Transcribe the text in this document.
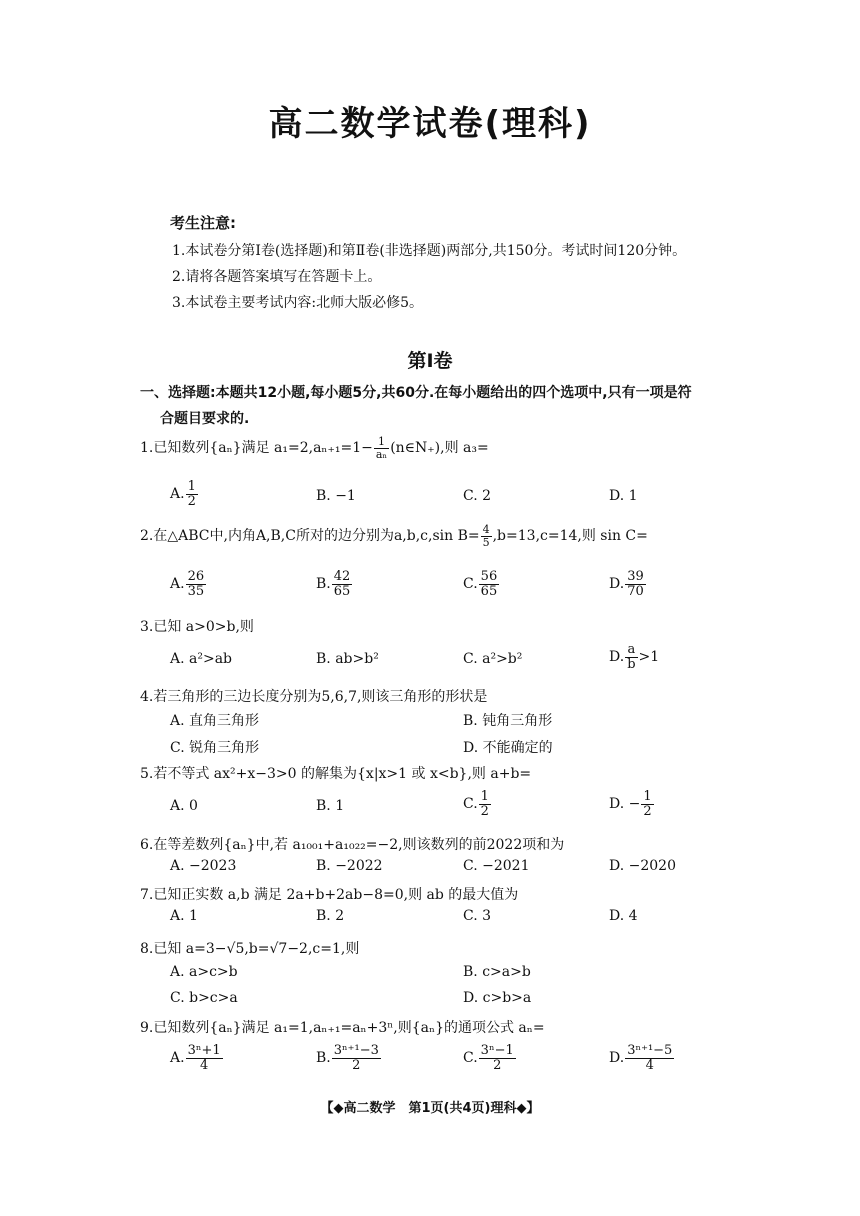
高二数学试卷(理科)
考生注意:
1.本试卷分第Ⅰ卷(选择题)和第Ⅱ卷(非选择题)两部分,共150分。考试时间120分钟。
2.请将各题答案填写在答题卡上。
3.本试卷主要考试内容:北师大版必修5。
第Ⅰ卷
一、选择题:本题共12小题,每小题5分,共60分.在每小题给出的四个选项中,只有一项是符
合题目要求的.
1.已知数列{aₙ}满足 $a_1=2,a_{n+1}=1- \frac{1}{\text{aₙ}}$ (n∈N₊),则 a₃=
A. $\frac{1}{2}$	B. −1	C. 2	D. 1
2.在△ABC中,内角A,B,C所对的边分别为a,b,c,sin $B= \frac{4}{5} ,b=13,c=14$,则 sin C=
A. $\frac{26}{35}$	B. $\frac{42}{65}$	C. $\frac{56}{65}$	D. $\frac{39}{70}$
3.已知 a>0>b,则
A. a²>ab	B. ab>b²	C. a²>b²	D. $\frac{a}{b} >1$
4.若三角形的三边长度分别为5,6,7,则该三角形的形状是
A. 直角三角形	B. 钝角三角形
C. 锐角三角形	D. 不能确定的
5.若不等式 ax²+x−3>0 的解集为{x|x>1 或 x<b},则 a+b=
A. 0	B. 1	C. $\frac{1}{2}$	D. − $\frac{1}{2}$
6.在等差数列{aₙ}中,若 a₁₀₀₁+a₁₀₂₂=−2,则该数列的前2022项和为
A. −2023	B. −2022	C. −2021	D. −2020
7.已知正实数 a,b 满足 2a+b+2ab−8=0,则 ab 的最大值为
A. 1	B. 2	C. 3	D. 4
8.已知 a=3−√5,b=√7−2,c=1,则
A. a>c>b	B. c>a>b
C. b>c>a	D. c>b>a
9.已知数列{aₙ}满足 a₁=1,aₙ₊₁=aₙ+3ⁿ,则{aₙ}的通项公式 aₙ=
A. $\frac{\text{3ⁿ+1}}{4}$	B. $\frac{\text{3ⁿ⁺¹−3}}{2}$	C. $\frac{\text{3ⁿ−1}}{2}$	D. $\frac{\text{3ⁿ⁺¹−5}}{4}$
【◆高二数学　第1页(共4页)理科◆】
